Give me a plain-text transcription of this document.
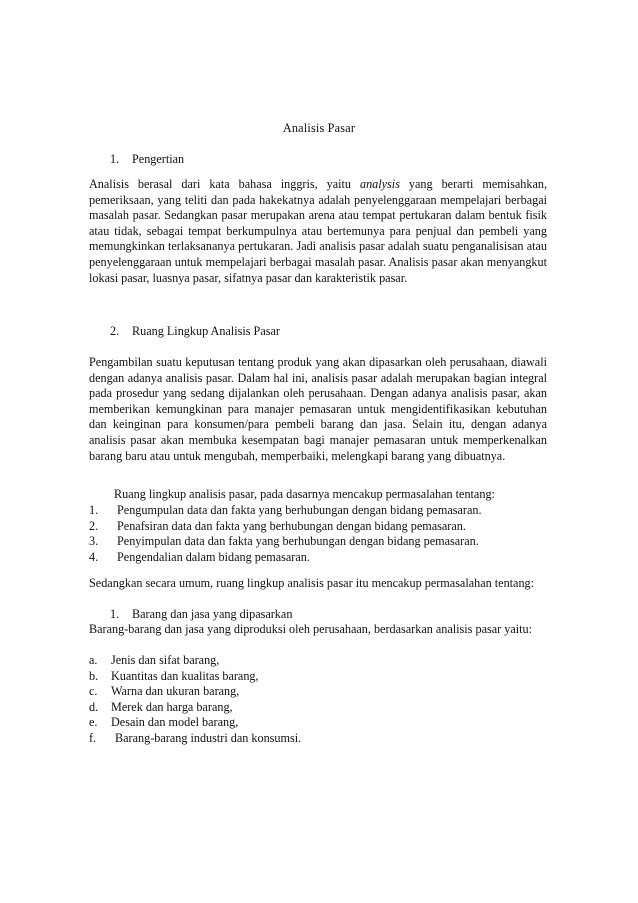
Analisis Pasar
1. Pengertian

Analisis berasal dari kata bahasa inggris, yaitu analysis yang berarti memisahkan, pemeriksaan, yang teliti dan pada hakekatnya adalah penyelenggaraan mempelajari berbagai masalah pasar. Sedangkan pasar merupakan arena atau tempat pertukaran dalam bentuk fisik atau tidak, sebagai tempat berkumpulnya atau bertemunya para penjual dan pembeli yang memungkinkan terlaksananya pertukaran. Jadi analisis pasar adalah suatu penganalisisan atau penyelenggaraan untuk mempelajari berbagai masalah pasar. Analisis pasar akan menyangkut lokasi pasar, luasnya pasar, sifatnya pasar dan karakteristik pasar.

2. Ruang Lingkup Analisis Pasar

Pengambilan suatu keputusan tentang produk yang akan dipasarkan oleh perusahaan, diawali dengan adanya analisis pasar. Dalam hal ini, analisis pasar adalah merupakan bagian integral pada prosedur yang sedang dijalankan oleh perusahaan. Dengan adanya analisis pasar, akan memberikan kemungkinan para manajer pemasaran untuk mengidentifikasikan kebutuhan dan keinginan para konsumen/para pembeli barang dan jasa. Selain itu, dengan adanya analisis pasar akan membuka kesempatan bagi manajer pemasaran untuk memperkenalkan barang baru atau untuk mengubah, memperbaiki, melengkapi barang yang dibuatnya.

Ruang lingkup analisis pasar, pada dasarnya mencakup permasalahan tentang:
1. Pengumpulan data dan fakta yang berhubungan dengan bidang pemasaran.
2. Penafsiran data dan fakta yang berhubungan dengan bidang pemasaran.
3. Penyimpulan data dan fakta yang berhubungan dengan bidang pemasaran.
4. Pengendalian dalam bidang pemasaran.

Sedangkan secara umum, ruang lingkup analisis pasar itu mencakup permasalahan tentang:

1. Barang dan jasa yang dipasarkan

Barang-barang dan jasa yang diproduksi oleh perusahaan, berdasarkan analisis pasar yaitu:

a. Jenis dan sifat barang,
b. Kuantitas dan kualitas barang,
c. Warna dan ukuran barang,
d. Merek dan harga barang,
e. Desain dan model barang,
f. Barang-barang industri dan konsumsi.
